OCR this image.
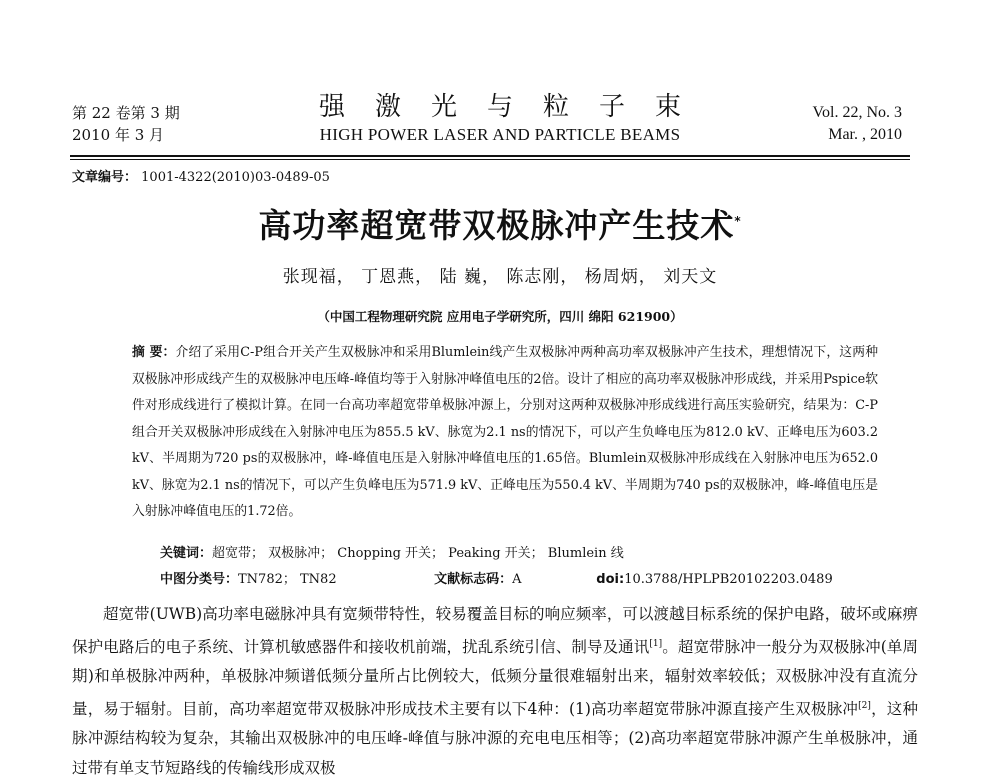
第 22 卷第 3 期
2010 年 3 月
强激光与粒子束
HIGH POWER LASER AND PARTICLE BEAMS
Vol. 22, No. 3
Mar. , 2010
文章编号： 1001-4322(2010)03-0489-05
高功率超宽带双极脉冲产生技术*
张现福， 丁恩燕， 陆 巍， 陈志刚， 杨周炳， 刘天文
（中国工程物理研究院 应用电子学研究所，四川 绵阳 621900）
摘 要：介绍了采用C-P组合开关产生双极脉冲和采用Blumlein线产生双极脉冲两种高功率双极脉冲产生技术，理想情况下，这两种双极脉冲形成线产生的双极脉冲电压峰-峰值均等于入射脉冲峰值电压的2倍。设计了相应的高功率双极脉冲形成线，并采用Pspice软件对形成线进行了模拟计算。在同一台高功率超宽带单极脉冲源上，分别对这两种双极脉冲形成线进行高压实验研究，结果为：C-P组合开关双极脉冲形成线在入射脉冲电压为855.5 kV、脉宽为2.1 ns的情况下，可以产生负峰电压为812.0 kV、正峰电压为603.2 kV、半周期为720 ps的双极脉冲，峰-峰值电压是入射脉冲峰值电压的1.65倍。Blumlein双极脉冲形成线在入射脉冲电压为652.0 kV、脉宽为2.1 ns的情况下，可以产生负峰电压为571.9 kV、正峰电压为550.4 kV、半周期为740 ps的双极脉冲，峰-峰值电压是入射脉冲峰值电压的1.72倍。
关键词：超宽带； 双极脉冲； Chopping 开关； Peaking 开关； Blumlein 线
中图分类号：TN782； TN82	文献标志码：A	doi:10.3788/HPLPB20102203.0489
超宽带(UWB)高功率电磁脉冲具有宽频带特性，较易覆盖目标的响应频率，可以渡越目标系统的保护电路，破坏或麻痹保护电路后的电子系统、计算机敏感器件和接收机前端，扰乱系统引信、制导及通讯[1]。超宽带脉冲一般分为双极脉冲(单周期)和单极脉冲两种，单极脉冲频谱低频分量所占比例较大，低频分量很难辐射出来，辐射效率较低；双极脉冲没有直流分量，易于辐射。目前，高功率超宽带双极脉冲形成技术主要有以下4种：(1)高功率超宽带脉冲源直接产生双极脉冲[2]，这种脉冲源结构较为复杂，其输出双极脉冲的电压峰-峰值与脉冲源的充电电压相等；(2)高功率超宽带脉冲源产生单极脉冲，通过带有单支节短路线的传输线形成双极
